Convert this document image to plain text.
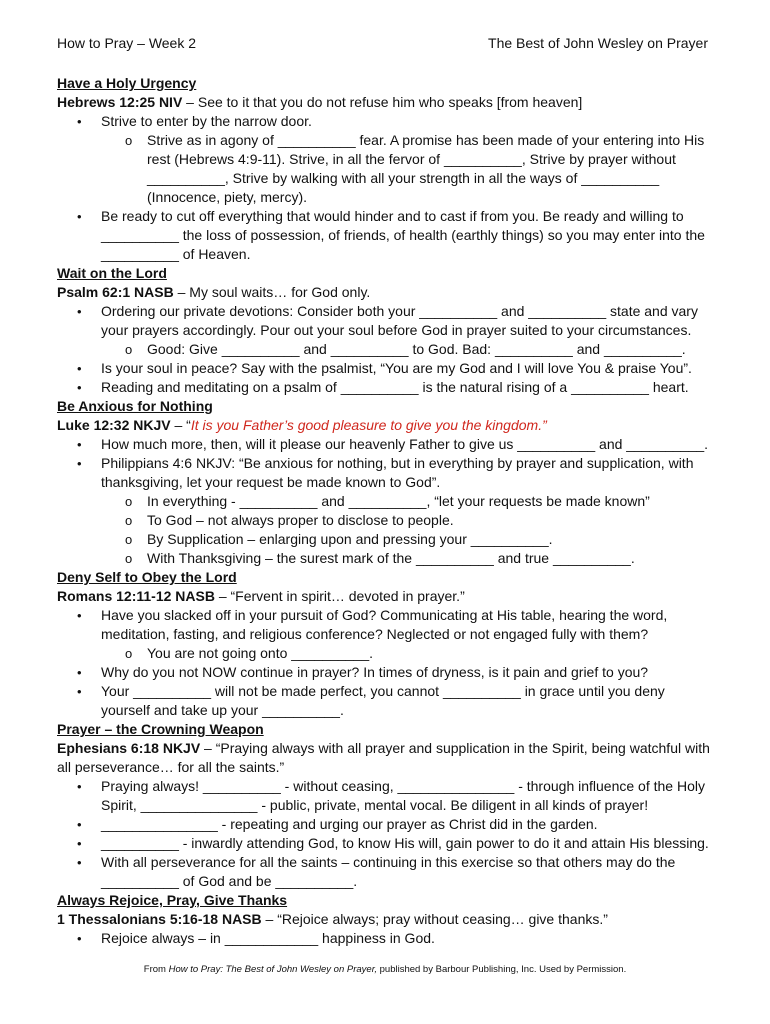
How to Pray – Week 2	The Best of John Wesley on Prayer
Have a Holy Urgency
Hebrews 12:25 NIV – See to it that you do not refuse him who speaks [from heaven]
• Strive to enter by the narrow door.
o Strive as in agony of __________ fear. A promise has been made of your entering into His rest (Hebrews 4:9-11). Strive, in all the fervor of __________, Strive by prayer without __________, Strive by walking with all your strength in all the ways of __________ (Innocence, piety, mercy).
• Be ready to cut off everything that would hinder and to cast if from you. Be ready and willing to __________ the loss of possession, of friends, of health (earthly things) so you may enter into the __________ of Heaven.
Wait on the Lord
Psalm 62:1 NASB – My soul waits… for God only.
• Ordering our private devotions: Consider both your __________ and __________ state and vary your prayers accordingly. Pour out your soul before God in prayer suited to your circumstances.
o Good: Give __________ and __________ to God. Bad: __________ and __________.
• Is your soul in peace? Say with the psalmist, “You are my God and I will love You & praise You”.
• Reading and meditating on a psalm of __________ is the natural rising of a __________ heart.
Be Anxious for Nothing
Luke 12:32 NKJV – “It is you Father’s good pleasure to give you the kingdom.”
• How much more, then, will it please our heavenly Father to give us __________ and __________.
• Philippians 4:6 NKJV: “Be anxious for nothing, but in everything by prayer and supplication, with thanksgiving, let your request be made known to God”.
o In everything - __________ and __________, “let your requests be made known”
o To God – not always proper to disclose to people.
o By Supplication – enlarging upon and pressing your __________.
o With Thanksgiving – the surest mark of the __________ and true __________.
Deny Self to Obey the Lord
Romans 12:11-12 NASB – “Fervent in spirit… devoted in prayer.”
• Have you slacked off in your pursuit of God? Communicating at His table, hearing the word, meditation, fasting, and religious conference? Neglected or not engaged fully with them?
o You are not going onto __________.
• Why do you not NOW continue in prayer? In times of dryness, is it pain and grief to you?
• Your __________ will not be made perfect, you cannot __________ in grace until you deny yourself and take up your __________.
Prayer – the Crowning Weapon
Ephesians 6:18 NKJV – “Praying always with all prayer and supplication in the Spirit, being watchful with all perseverance… for all the saints.”
• Praying always! __________ - without ceasing, _______________ - through influence of the Holy Spirit, _______________ - public, private, mental vocal. Be diligent in all kinds of prayer!
• _______________ - repeating and urging our prayer as Christ did in the garden.
• __________ - inwardly attending God, to know His will, gain power to do it and attain His blessing.
• With all perseverance for all the saints – continuing in this exercise so that others may do the __________ of God and be __________.
Always Rejoice, Pray, Give Thanks
1 Thessalonians 5:16-18 NASB – “Rejoice always; pray without ceasing… give thanks.”
• Rejoice always – in ____________ happiness in God.
From How to Pray: The Best of John Wesley on Prayer, published by Barbour Publishing, Inc. Used by Permission.
